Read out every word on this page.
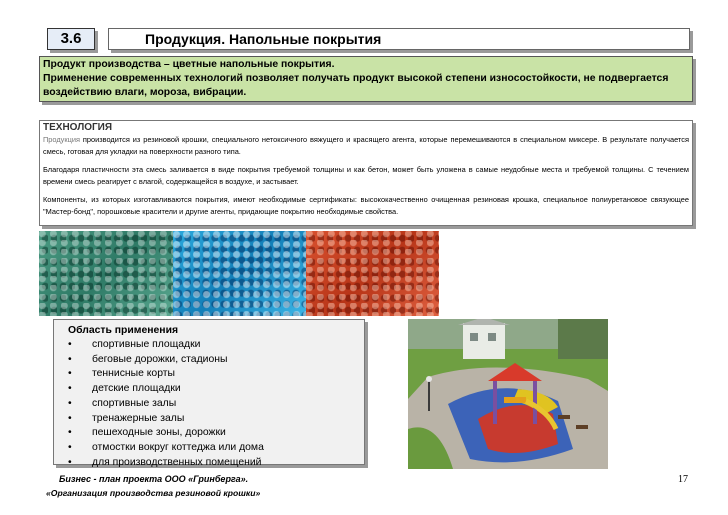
3.6	Продукция. Напольные покрытия

Продукт производства – цветные напольные покрытия.

Применение современных технологий позволяет получать продукт высокой степени износостойкости, не подвергается воздействию влаги, мороза, вибрации.

ТЕХНОЛОГИЯ

Продукция производится из резиновой крошки, специального нетоксичного вяжущего и красящего агента, которые перемешиваются в специальном миксере. В результате получается смесь, готовая для укладки на поверхности разного типа.

Благодаря пластичности эта смесь заливается в виде покрытия требуемой толщины и как бетон, может быть уложена в самые неудобные места и требуемой толщины. С течением времени смесь реагирует с влагой, содержащейся в воздухе, и застывает.

Компоненты, из которых изготавливаются покрытия, имеют необходимые сертификаты: высококачественно очищенная резиновая крошка, специальное полиуретановое связующее "Мастер-бонд", порошковые красители и другие агенты, придающие покрытию необходимые свойства.

Область применения
• спортивные площадки
• беговые дорожки, стадионы
• теннисные корты
• детские площадки
• спортивные залы
• тренажерные залы
• пешеходные зоны, дорожки
• отмостки вокруг коттеджа или дома
• для производственных помещений
Бизнес - план проекта ООО «Гринберга».
«Организация производства резиновой крошки»
17
